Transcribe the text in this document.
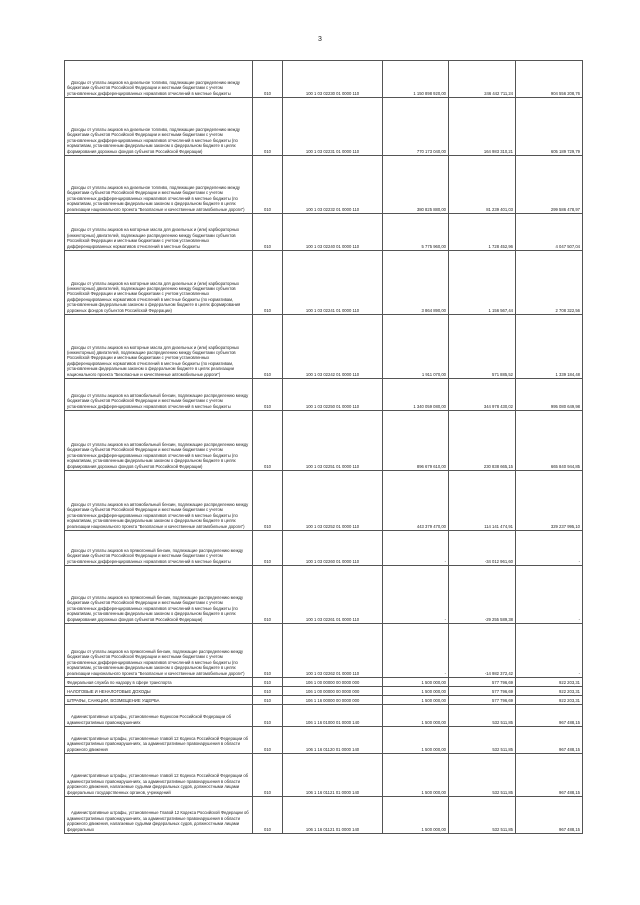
3
Доходы от уплаты акцизов на дизельное топливо, подлежащие распределению между бюджетами субъектов Российской Федерации и местными бюджетами с учетом установленных дифференцированных нормативов отчислений в местные бюджеты	010	100 1 03 02230 01 0000 110	1 150 898 920,00	246 442 711,24	904 556 208,76
Доходы от уплаты акцизов на дизельное топливо, подлежащие распределению между бюджетами субъектов Российской Федерации и местными бюджетами с учетом установленных дифференцированных нормативов отчислений в местные бюджеты (по нормативам, установленным федеральным законом о федеральном бюджете в целях формирования дорожных фондов субъектов Российской Федерации)	010	100 1 03 02231 01 0000 110	770 173 040,00	164 983 310,21	605 189 729,79
Доходы от уплаты акцизов на дизельное топливо, подлежащие распределению между бюджетами субъектов Российской Федерации и местными бюджетами с учетом установленных дифференцированных нормативов отчислений в местные бюджеты (по нормативам, установленным федеральным законом о федеральном бюджете в целях реализации национального проекта "Безопасные и качественные автомобильные дороги")	010	100 1 03 02232 01 0000 110	380 825 880,00	81 239 401,03	299 586 478,97
Доходы от уплаты акцизов на моторные масла для дизельных и (или) карбюраторных (инжекторных) двигателей, подлежащие распределению между бюджетами субъектов Российской Федерации и местными бюджетами с учетом установленных дифференцированных нормативов отчислений в местные бюджеты	010	100 1 03 02240 01 0000 110	5 775 960,00	1 728 452,96	4 047 507,04
Доходы от уплаты акцизов на моторные масла для дизельных и (или) карбюраторных (инжекторных) двигателей, подлежащие распределению между бюджетами субъектов Российской Федерации и местными бюджетами с учетом установленных дифференцированных нормативов отчислений в местные бюджеты (по нормативам, установленным федеральным законом о федеральном бюджете в целях формирования дорожных фондов субъектов Российской Федерации)	010	100 1 03 02241 01 0000 110	3 864 890,00	1 156 567,44	2 708 322,56
Доходы от уплаты акцизов на моторные масла для дизельных и (или) карбюраторных (инжекторных) двигателей, подлежащие распределению между бюджетами субъектов Российской Федерации и местными бюджетами с учетом установленных дифференцированных нормативов отчислений в местные бюджеты (по нормативам, установленным федеральным законом о федеральном бюджете в целях реализации национального проекта "Безопасные и качественные автомобильные дороги")	010	100 1 03 02242 01 0000 110	1 911 070,00	571 885,52	1 339 184,48
Доходы от уплаты акцизов на автомобильный бензин, подлежащие распределению между бюджетами субъектов Российской Федерации и местными бюджетами с учетом установленных дифференцированных нормативов отчислений в местные бюджеты	010	100 1 03 02250 01 0000 110	1 340 059 080,00	344 978 430,02	995 080 649,98
Доходы от уплаты акцизов на автомобильный бензин, подлежащие распределению между бюджетами субъектов Российской Федерации и местными бюджетами с учетом установленных дифференцированных нормативов отчислений в местные бюджеты (по нормативам, установленным федеральным законом о федеральном бюджете в целях формирования дорожных фондов субъектов Российской Федерации)	010	100 1 03 02251 01 0000 110	896 679 610,00	230 838 665,15	665 840 944,85
Доходы от уплаты акцизов на автомобильный бензин, подлежащие распределению между бюджетами субъектов Российской Федерации и местными бюджетами с учетом установленных дифференцированных нормативов отчислений в местные бюджеты (по нормативам, установленным федеральным законом о федеральном бюджете в целях реализации национального проекта "Безопасные и качественные автомобильные дороги")	010	100 1 03 02252 01 0000 110	443 379 470,00	114 141 474,91	329 237 995,10
Доходы от уплаты акцизов на прямогонный бензин, подлежащие распределению между бюджетами субъектов Российской Федерации и местными бюджетами с учетом установленных дифференцированных нормативов отчислений в местные бюджеты	010	100 1 03 02260 01 0000 110	-	-34 012 961,60	-
Доходы от уплаты акцизов на прямогонный бензин, подлежащие распределению между бюджетами субъектов Российской Федерации и местными бюджетами с учетом установленных дифференцированных нормативов отчислений в местные бюджеты (по нормативам, установленным федеральным законом о федеральном бюджете в целях формирования дорожных фондов субъектов Российской Федерации)	010	100 1 03 02261 01 0000 110	-	-29 255 589,38	-
Доходы от уплаты акцизов на прямогонный бензин, подлежащие распределению между бюджетами субъектов Российской Федерации и местными бюджетами с учетом установленных дифференцированных нормативов отчислений в местные бюджеты (по нормативам, установленным федеральным законом о федеральном бюджете в целях реализации национального проекта "Безопасные и качественные автомобильные дороги")	010	100 1 03 02262 01 0000 110	-	-14 982 372,42	-
Федеральная служба по надзору в сфере транспорта	010	106 1 00 00000 00 0000 000	1 500 000,00	577 796,69	922 203,31
НАЛОГОВЫЕ И НЕНАЛОГОВЫЕ ДОХОДЫ	010	106 1 00 00000 00 0000 000	1 500 000,00	577 796,69	922 203,31
ШТРАФЫ, САНКЦИИ, ВОЗМЕЩЕНИЕ УЩЕРБА	010	106 1 16 00000 00 0000 000	1 500 000,00	577 796,69	922 203,31
Административные штрафы, установленные Кодексом Российской Федерации об административных правонарушениях	010	106 1 16 01000 01 0000 140	1 500 000,00	532 511,85	967 488,15
Административные штрафы, установленные главой 12 Кодекса Российской Федерации об административных правонарушениях, за административные правонарушения в области дорожного движения	010	106 1 16 01120 01 0000 140	1 500 000,00	532 511,85	967 488,15
Административные штрафы, установленные главой 12 Кодекса Российской Федерации об административных правонарушениях, за административные правонарушения в области дорожного движения, налагаемые судьями федеральных судов, должностными лицами федеральных государственных органов, учреждений	010	106 1 16 01121 01 0000 140	1 500 000,00	532 511,85	967 488,15
Административные штрафы, установленные Главой 12 Кодекса Российской Федерации об административных правонарушениях, за административные правонарушения в области дорожного движения, налагаемые судьями федеральных судов, должностными лицами федеральных	010	106 1 16 01121 01 0000 140	1 500 000,00	532 511,85	967 488,15
